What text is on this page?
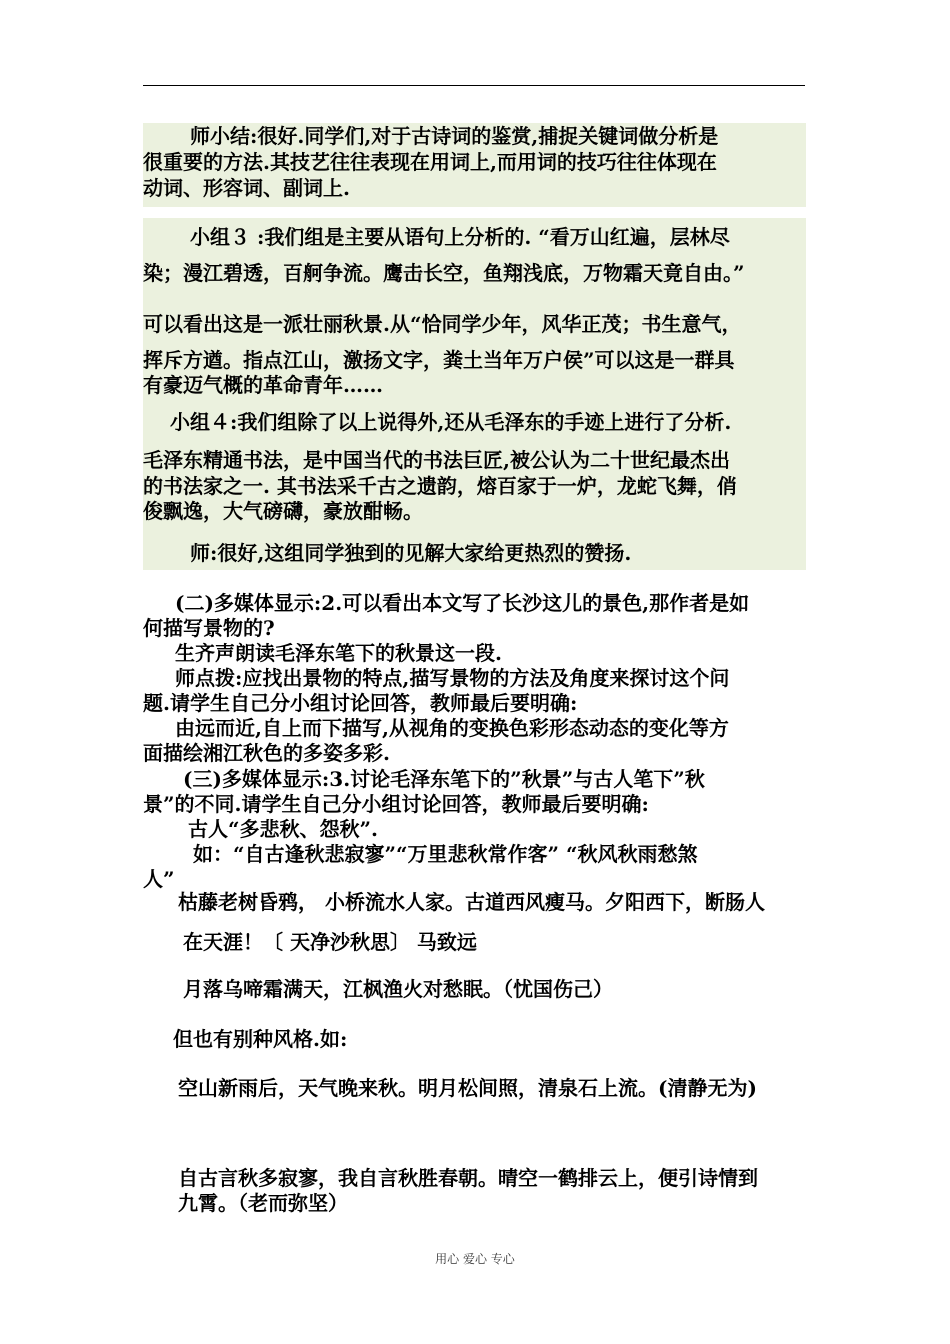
师小结:很好.同学们,对于古诗词的鉴赏,捕捉关键词做分析是
很重要的方法.其技艺往往表现在用词上,而用词的技巧往往体现在
动词、形容词、副词上.
小组３ :我们组是主要从语句上分析的. “看万山红遍，层林尽
染；漫江碧透，百舸争流。鹰击长空，鱼翔浅底，万物霜天竟自由。”
可以看出这是一派壮丽秋景.从“恰同学少年，风华正茂；书生意气，
挥斥方遒。指点江山，激扬文字，粪土当年万户侯”可以这是一群具
有豪迈气概的革命青年……
小组４:我们组除了以上说得外,还从毛泽东的手迹上进行了分析.
毛泽东精通书法，是中国当代的书法巨匠,被公认为二十世纪最杰出
的书法家之一. 其书法采千古之遗韵，熔百家于一炉，龙蛇飞舞，俏
俊飘逸，大气磅礴，豪放酣畅。
师:很好,这组同学独到的见解大家给更热烈的赞扬.
(二)多媒体显示:2.可以看出本文写了长沙这儿的景色,那作者是如
何描写景物的?
生齐声朗读毛泽东笔下的秋景这一段.
师点拨:应找出景物的特点,描写景物的方法及角度来探讨这个问
题.请学生自己分小组讨论回答，教师最后要明确:
由远而近,自上而下描写,从视角的变换色彩形态动态的变化等方
面描绘湘江秋色的多姿多彩.
(三)多媒体显示:3.讨论毛泽东笔下的”秋景”与古人笔下”秋
景”的不同.请学生自己分小组讨论回答，教师最后要明确:
古人“多悲秋、怨秋”.
如：“自古逢秋悲寂寥”“万里悲秋常作客” “秋风秋雨愁煞
人”
枯藤老树昏鸦， 小桥流水人家。古道西风瘦马。夕阳西下，断肠人
在天涯！〔 天净沙秋思〕 马致远
月落乌啼霜满天，江枫渔火对愁眠。（忧国伤己）
但也有别种风格.如:
空山新雨后，天气晚来秋。明月松间照，清泉石上流。(清静无为)
自古言秋多寂寥，我自言秋胜春朝。晴空一鹤排云上，便引诗情到
九霄。（老而弥坚）
用心 爱心 专心
